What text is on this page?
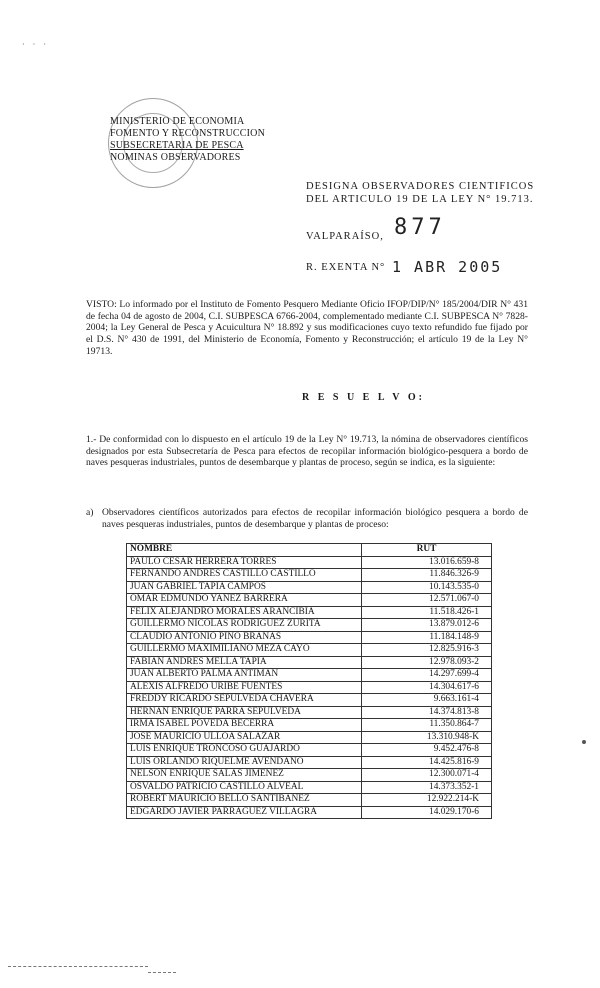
· · ·
MINISTERIO DE ECONOMIA
FOMENTO Y RECONSTRUCCION
SUBSECRETARIA DE PESCA
NOMINAS OBSERVADORES
DESIGNA OBSERVADORES CIENTIFICOS DEL ARTICULO 19 DE LA LEY N° 19.713.
VALPARAÍSO, 877
R. EXENTA N° 1 ABR 2005
VISTO: Lo informado por el Instituto de Fomento Pesquero Mediante Oficio IFOP/DIP/N° 185/2004/DIR N° 431 de fecha 04 de agosto de 2004, C.I. SUBPESCA 6766-2004, complementado mediante C.I. SUBPESCA N° 7828-2004; la Ley General de Pesca y Acuicultura N° 18.892 y sus modificaciones cuyo texto refundido fue fijado por el D.S. N° 430 de 1991, del Ministerio de Economía, Fomento y Reconstrucción; el artículo 19 de la Ley N° 19713.
R E S U E L V O:
1.- De conformidad con lo dispuesto en el artículo 19 de la Ley N° 19.713, la nómina de observadores científicos designados por esta Subsecretaría de Pesca para efectos de recopilar información biológico-pesquera a bordo de naves pesqueras industriales, puntos de desembarque y plantas de proceso, según se indica, es la siguiente:
a) Observadores científicos autorizados para efectos de recopilar información biológico pesquera a bordo de naves pesqueras industriales, puntos de desembarque y plantas de proceso:
NOMBRE	RUT
PAULO CESAR HERRERA TORRES	13.016.659-8
FERNANDO ANDRES CASTILLO CASTILLO	11.846.326-9
JUAN GABRIEL TAPIA CAMPOS	10.143.535-0
OMAR EDMUNDO YAÑEZ BARRERA	12.571.067-0
FELIX ALEJANDRO MORALES ARANCIBIA	11.518.426-1
GUILLERMO NICOLAS RODRIGUEZ ZURITA	13.879.012-6
CLAUDIO ANTONIO PINO BRAÑAS	11.184.148-9
GUILLERMO MAXIMILIANO MEZA CAYO	12.825.916-3
FABIAN ANDRES MELLA TAPIA	12.978.093-2
JUAN ALBERTO PALMA ANTIMAN	14.297.699-4
ALEXIS ALFREDO URIBE FUENTES	14.304.617-6
FREDDY RICARDO SEPULVEDA CHAVERA	9.663.161-4
HERNAN ENRIQUE PARRA SEPULVEDA	14.374.813-8
IRMA ISABEL POVEDA BECERRA	11.350.864-7
JOSE MAURICIO ULLOA SALAZAR	13.310.948-K
LUIS ENRIQUE TRONCOSO GUAJARDO	9.452.476-8
LUIS ORLANDO RIQUELME AVENDAÑO	14.425.816-9
NELSON ENRIQUE SALAS JIMENEZ	12.300.071-4
OSVALDO PATRICIO CASTILLO ALVEAL	14.373.352-1
ROBERT MAURICIO BELLO SANTIBAÑEZ	12.922.214-K
EDGARDO JAVIER PARRAGUEZ VILLAGRA	14.029.170-6
